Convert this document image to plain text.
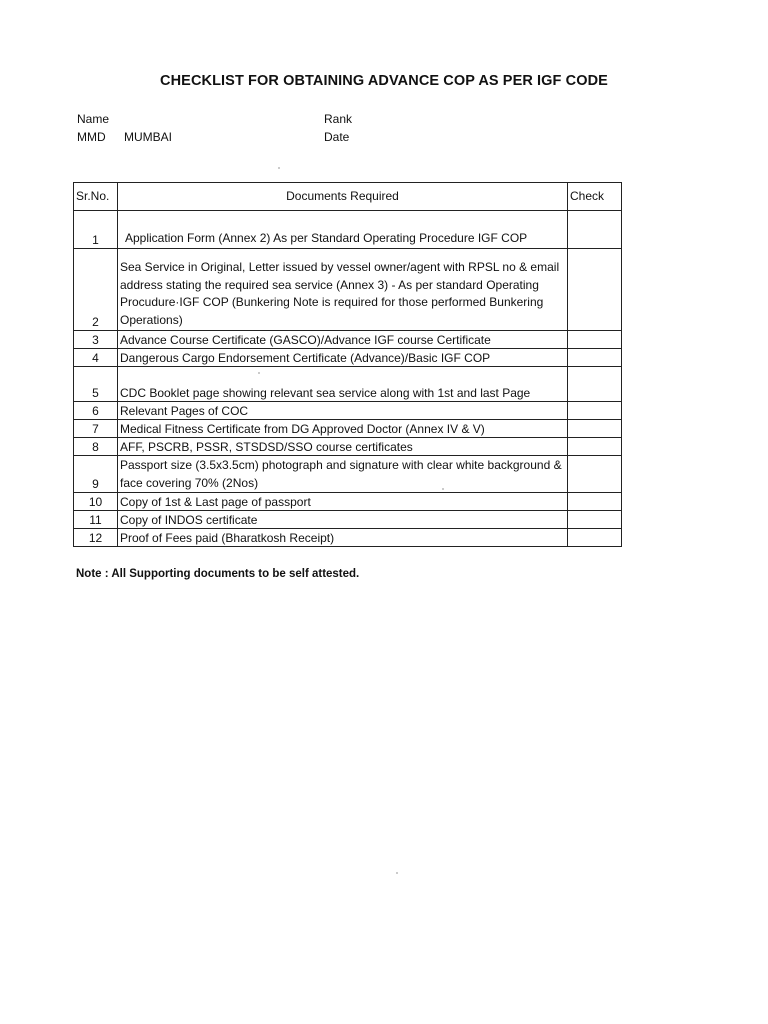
CHECKLIST FOR OBTAINING ADVANCE COP AS PER IGF CODE
Name	Rank
MMD MUMBAI	Date
Sr.No.	Documents Required	Check
1	Application Form (Annex 2) As per Standard Operating Procedure IGF COP	
2	Sea Service in Original, Letter issued by vessel owner/agent with RPSL no & email address stating the required sea service (Annex 3) - As per standard Operating Procudure·IGF COP (Bunkering Note is required for those performed Bunkering Operations)	
3	Advance Course Certificate (GASCO)/Advance IGF course Certificate	
4	Dangerous Cargo Endorsement Certificate (Advance)/Basic IGF COP	
5	CDC Booklet page showing relevant sea service along with 1st and last Page	
6	Relevant Pages of COC	
7	Medical Fitness Certificate from DG Approved Doctor (Annex IV & V)	
8	AFF, PSCRB, PSSR, STSDSD/SSO course certificates	
9	Passport size (3.5x3.5cm) photograph and signature with clear white background & face covering 70% (2Nos)	
10	Copy of 1st & Last page of passport	
11	Copy of INDOS certificate	
12	Proof of Fees paid (Bharatkosh Receipt)	
Note : All Supporting documents to be self attested.
